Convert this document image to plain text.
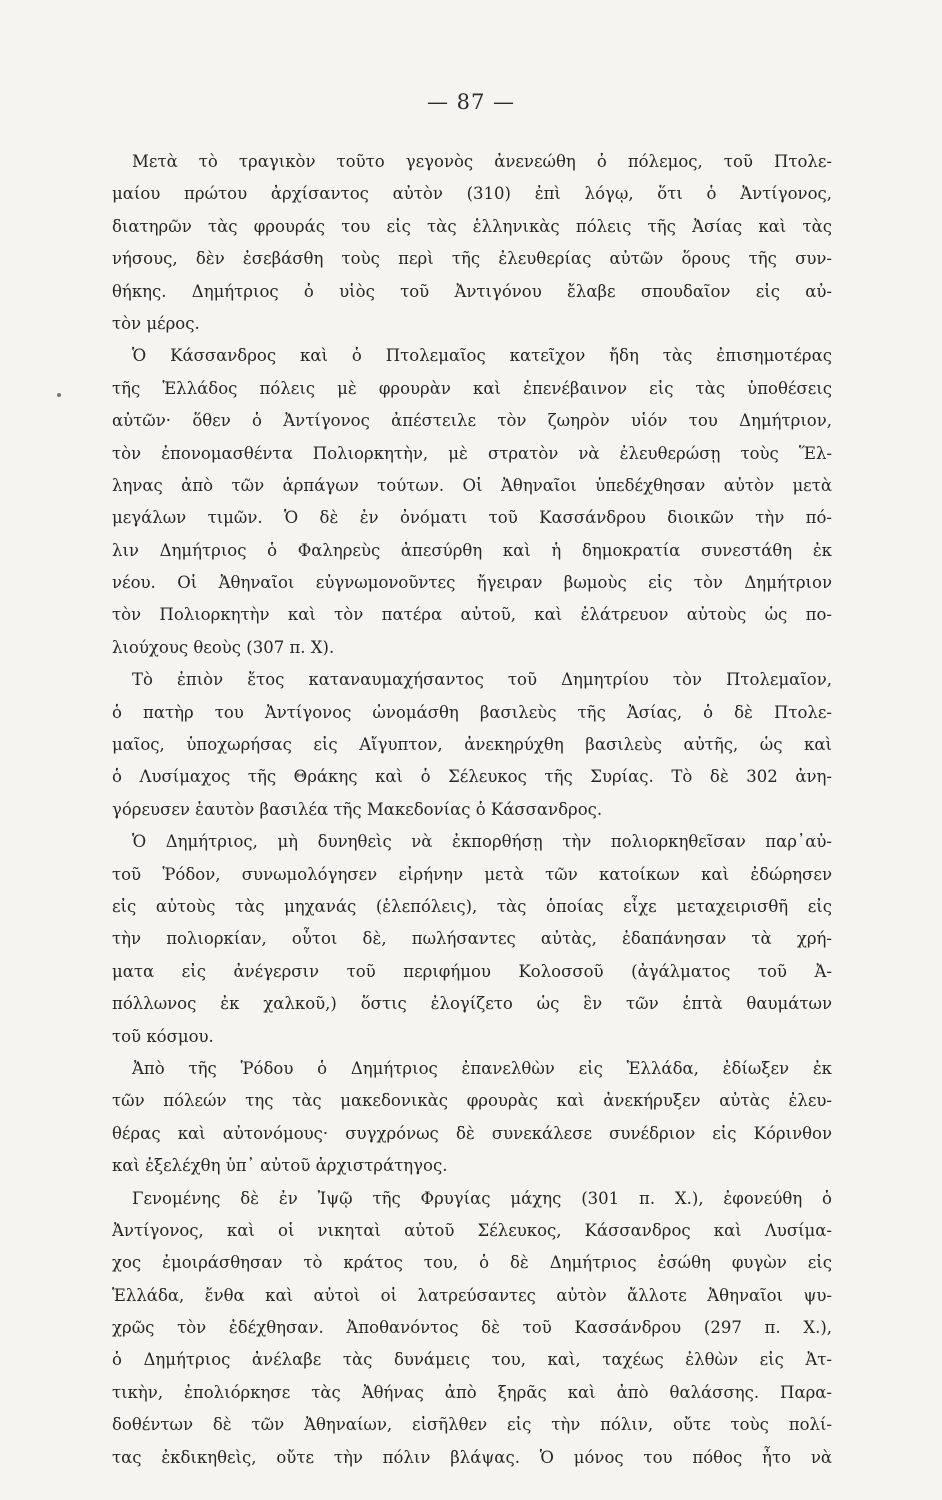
— 87 —
Μετὰ τὸ τραγικὸν τοῦτο γεγονὸς ἀνενεώθη ὁ πόλεμος, τοῦ Πτολε-
μαίου πρώτου ἀρχίσαντος αὐτὸν (310) ἐπὶ λόγῳ, ὅτι ὁ Ἀντίγονος,
διατηρῶν τὰς φρουράς του εἰς τὰς ἑλληνικὰς πόλεις τῆς Ἀσίας καὶ τὰς
νήσους, δὲν ἐσεβάσθη τοὺς περὶ τῆς ἐλευθερίας αὐτῶν ὅρους τῆς συν-
θήκης. Δημήτριος ὁ υἱὸς τοῦ Ἀντιγόνου ἔλαβε σπουδαῖον εἰς αὐ-
τὸν μέρος.
Ὁ Κάσσανδρος καὶ ὁ Πτολεμαῖος κατεῖχον ἤδη τὰς ἐπισημοτέρας
τῆς Ἑλλάδος πόλεις μὲ φρουρὰν καὶ ἐπενέβαινον εἰς τὰς ὑποθέσεις
αὐτῶν· ὅθεν ὁ Ἀντίγονος ἀπέστειλε τὸν ζωηρὸν υἱόν του Δημήτριον,
τὸν ἐπονομασθέντα Πολιορκητὴν, μὲ στρατὸν νὰ ἐλευθερώσῃ τοὺς Ἕλ-
ληνας ἀπὸ τῶν ἁρπάγων τούτων. Οἱ Ἀθηναῖοι ὑπεδέχθησαν αὐτὸν μετὰ
μεγάλων τιμῶν. Ὁ δὲ ἐν ὀνόματι τοῦ Κασσάνδρου διοικῶν τὴν πό-
λιν Δημήτριος ὁ Φαληρεὺς ἀπεσύρθη καὶ ἡ δημοκρατία συνεστάθη ἐκ
νέου. Οἱ Ἀθηναῖοι εὐγνωμονοῦντες ἤγειραν βωμοὺς εἰς τὸν Δημήτριον
τὸν Πολιορκητὴν καὶ τὸν πατέρα αὐτοῦ, καὶ ἐλάτρευον αὐτοὺς ὡς πο-
λιούχους θεοὺς (307 π. Χ).
Τὸ ἐπιὸν ἔτος καταναυμαχήσαντος τοῦ Δημητρίου τὸν Πτολεμαῖον,
ὁ πατὴρ του Ἀντίγονος ὠνομάσθη βασιλεὺς τῆς Ἀσίας, ὁ δὲ Πτολε-
μαῖος, ὑποχωρήσας εἰς Αἴγυπτον, ἀνεκηρύχθη βασιλεὺς αὐτῆς, ὡς καὶ
ὁ Λυσίμαχος τῆς Θράκης καὶ ὁ Σέλευκος τῆς Συρίας. Τὸ δὲ 302 ἀνη-
γόρευσεν ἑαυτὸν βασιλέα τῆς Μακεδονίας ὁ Κάσσανδρος.
Ὁ Δημήτριος, μὴ δυνηθεὶς νὰ ἐκπορθήσῃ τὴν πολιορκηθεῖσαν παρ᾽αὐ-
τοῦ Ῥόδον, συνωμολόγησεν εἰρήνην μετὰ τῶν κατοίκων καὶ ἐδώρησεν
εἰς αὐτοὺς τὰς μηχανάς (ἑλεπόλεις), τὰς ὁποίας εἶχε μεταχειρισθῆ εἰς
τὴν πολιορκίαν, οὗτοι δὲ, πωλήσαντες αὐτὰς, ἐδαπάνησαν τὰ χρή-
ματα εἰς ἀνέγερσιν τοῦ περιφήμου Κολοσσοῦ (ἀγάλματος τοῦ Ἀ-
πόλλωνος ἐκ χαλκοῦ,) ὅστις ἐλογίζετο ὡς ἓν τῶν ἑπτὰ θαυμάτων
τοῦ κόσμου.
Ἀπὸ τῆς Ῥόδου ὁ Δημήτριος ἐπανελθὼν εἰς Ἑλλάδα, ἐδίωξεν ἐκ
τῶν πόλεών της τὰς μακεδονικὰς φρουρὰς καὶ ἀνεκήρυξεν αὐτὰς ἐλευ-
θέρας καὶ αὐτονόμους· συγχρόνως δὲ συνεκάλεσε συνέδριον εἰς Κόρινθον
καὶ ἐξελέχθη ὑπ᾽ αὐτοῦ ἀρχιστράτηγος.
Γενομένης δὲ ἐν Ἰψῷ τῆς Φρυγίας μάχης (301 π. Χ.), ἐφονεύθη ὁ
Ἀντίγονος, καὶ οἱ νικηταὶ αὐτοῦ Σέλευκος, Κάσσανδρος καὶ Λυσίμα-
χος ἐμοιράσθησαν τὸ κράτος του, ὁ δὲ Δημήτριος ἐσώθη φυγὼν εἰς
Ἑλλάδα, ἔνθα καὶ αὐτοὶ οἱ λατρεύσαντες αὐτὸν ἄλλοτε Ἀθηναῖοι ψυ-
χρῶς τὸν ἐδέχθησαν. Ἀποθανόντος δὲ τοῦ Κασσάνδρου (297 π. Χ.),
ὁ Δημήτριος ἀνέλαβε τὰς δυνάμεις του, καὶ, ταχέως ἐλθὼν εἰς Ἀτ-
τικὴν, ἐπολιόρκησε τὰς Ἀθήνας ἀπὸ ξηρᾶς καὶ ἀπὸ θαλάσσης. Παρα-
δοθέντων δὲ τῶν Ἀθηναίων, εἰσῆλθεν εἰς τὴν πόλιν, οὔτε τοὺς πολί-
τας ἐκδικηθεὶς, οὔτε τὴν πόλιν βλάψας. Ὁ μόνος του πόθος ἦτο νὰ
